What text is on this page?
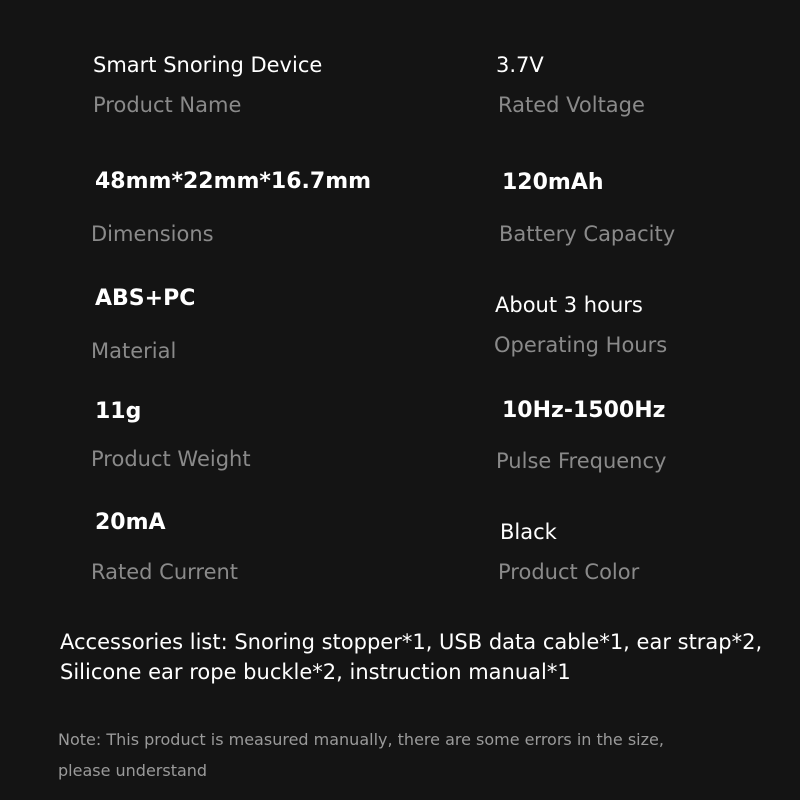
Smart Snoring Device
Product Name
3.7V
Rated Voltage
48mm*22mm*16.7mm
Dimensions
120mAh
Battery Capacity
ABS+PC
Material
About 3 hours
Operating Hours
11g
Product Weight
10Hz-1500Hz
Pulse Frequency
20mA
Rated Current
Black
Product Color
Accessories list: Snoring stopper*1, USB data cable*1, ear strap*2,
Silicone ear rope buckle*2, instruction manual*1
Note: This product is measured manually, there are some errors in the size,
please understand
